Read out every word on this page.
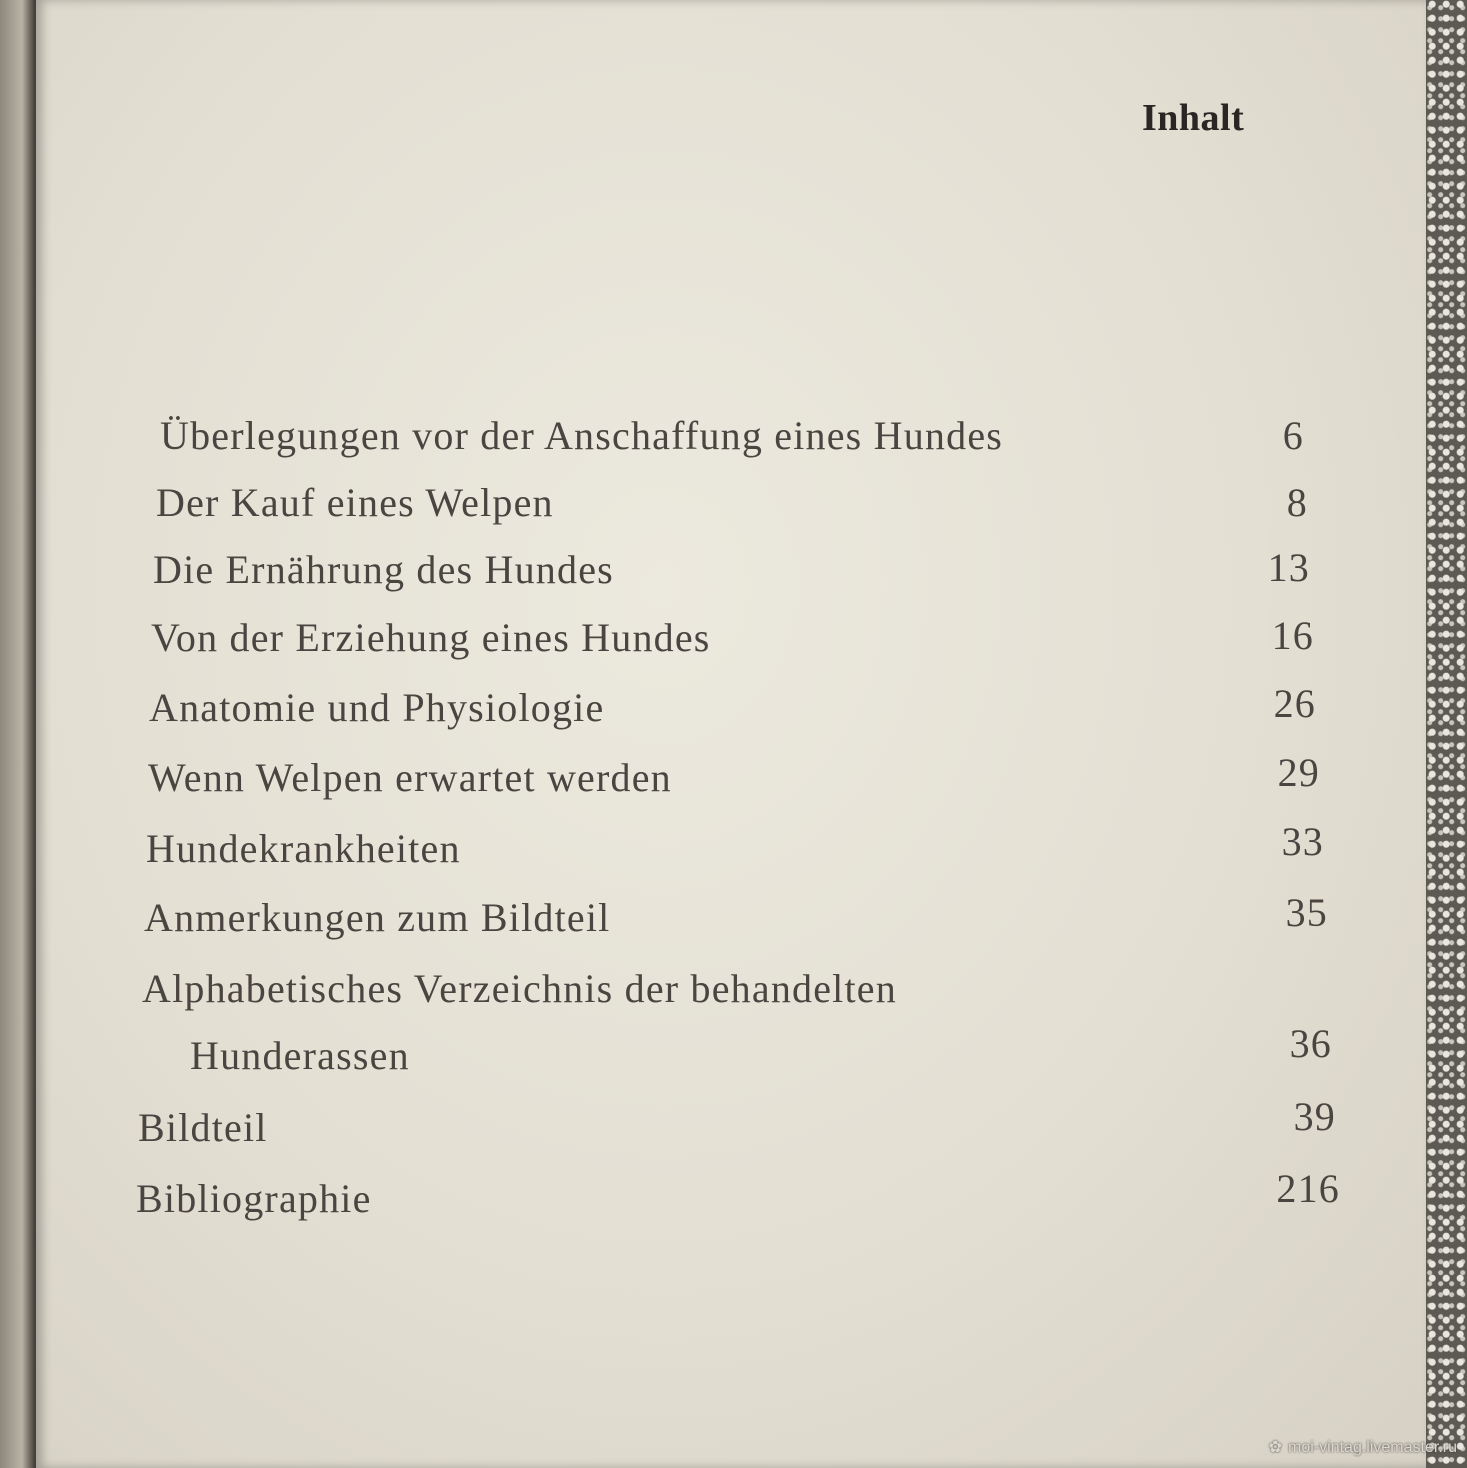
Inhalt
Überlegungen vor der Anschaffung eines Hundes	6
Der Kauf eines Welpen	8
Die Ernährung des Hundes	13
Von der Erziehung eines Hundes	16
Anatomie und Physiologie	26
Wenn Welpen erwartet werden	29
Hundekrankheiten	33
Anmerkungen zum Bildteil	35
Alphabetisches Verzeichnis der behandelten
Hunderassen	36
Bildteil	39
Bibliographie	216
✿ moi-vintag.livemaster.ru
